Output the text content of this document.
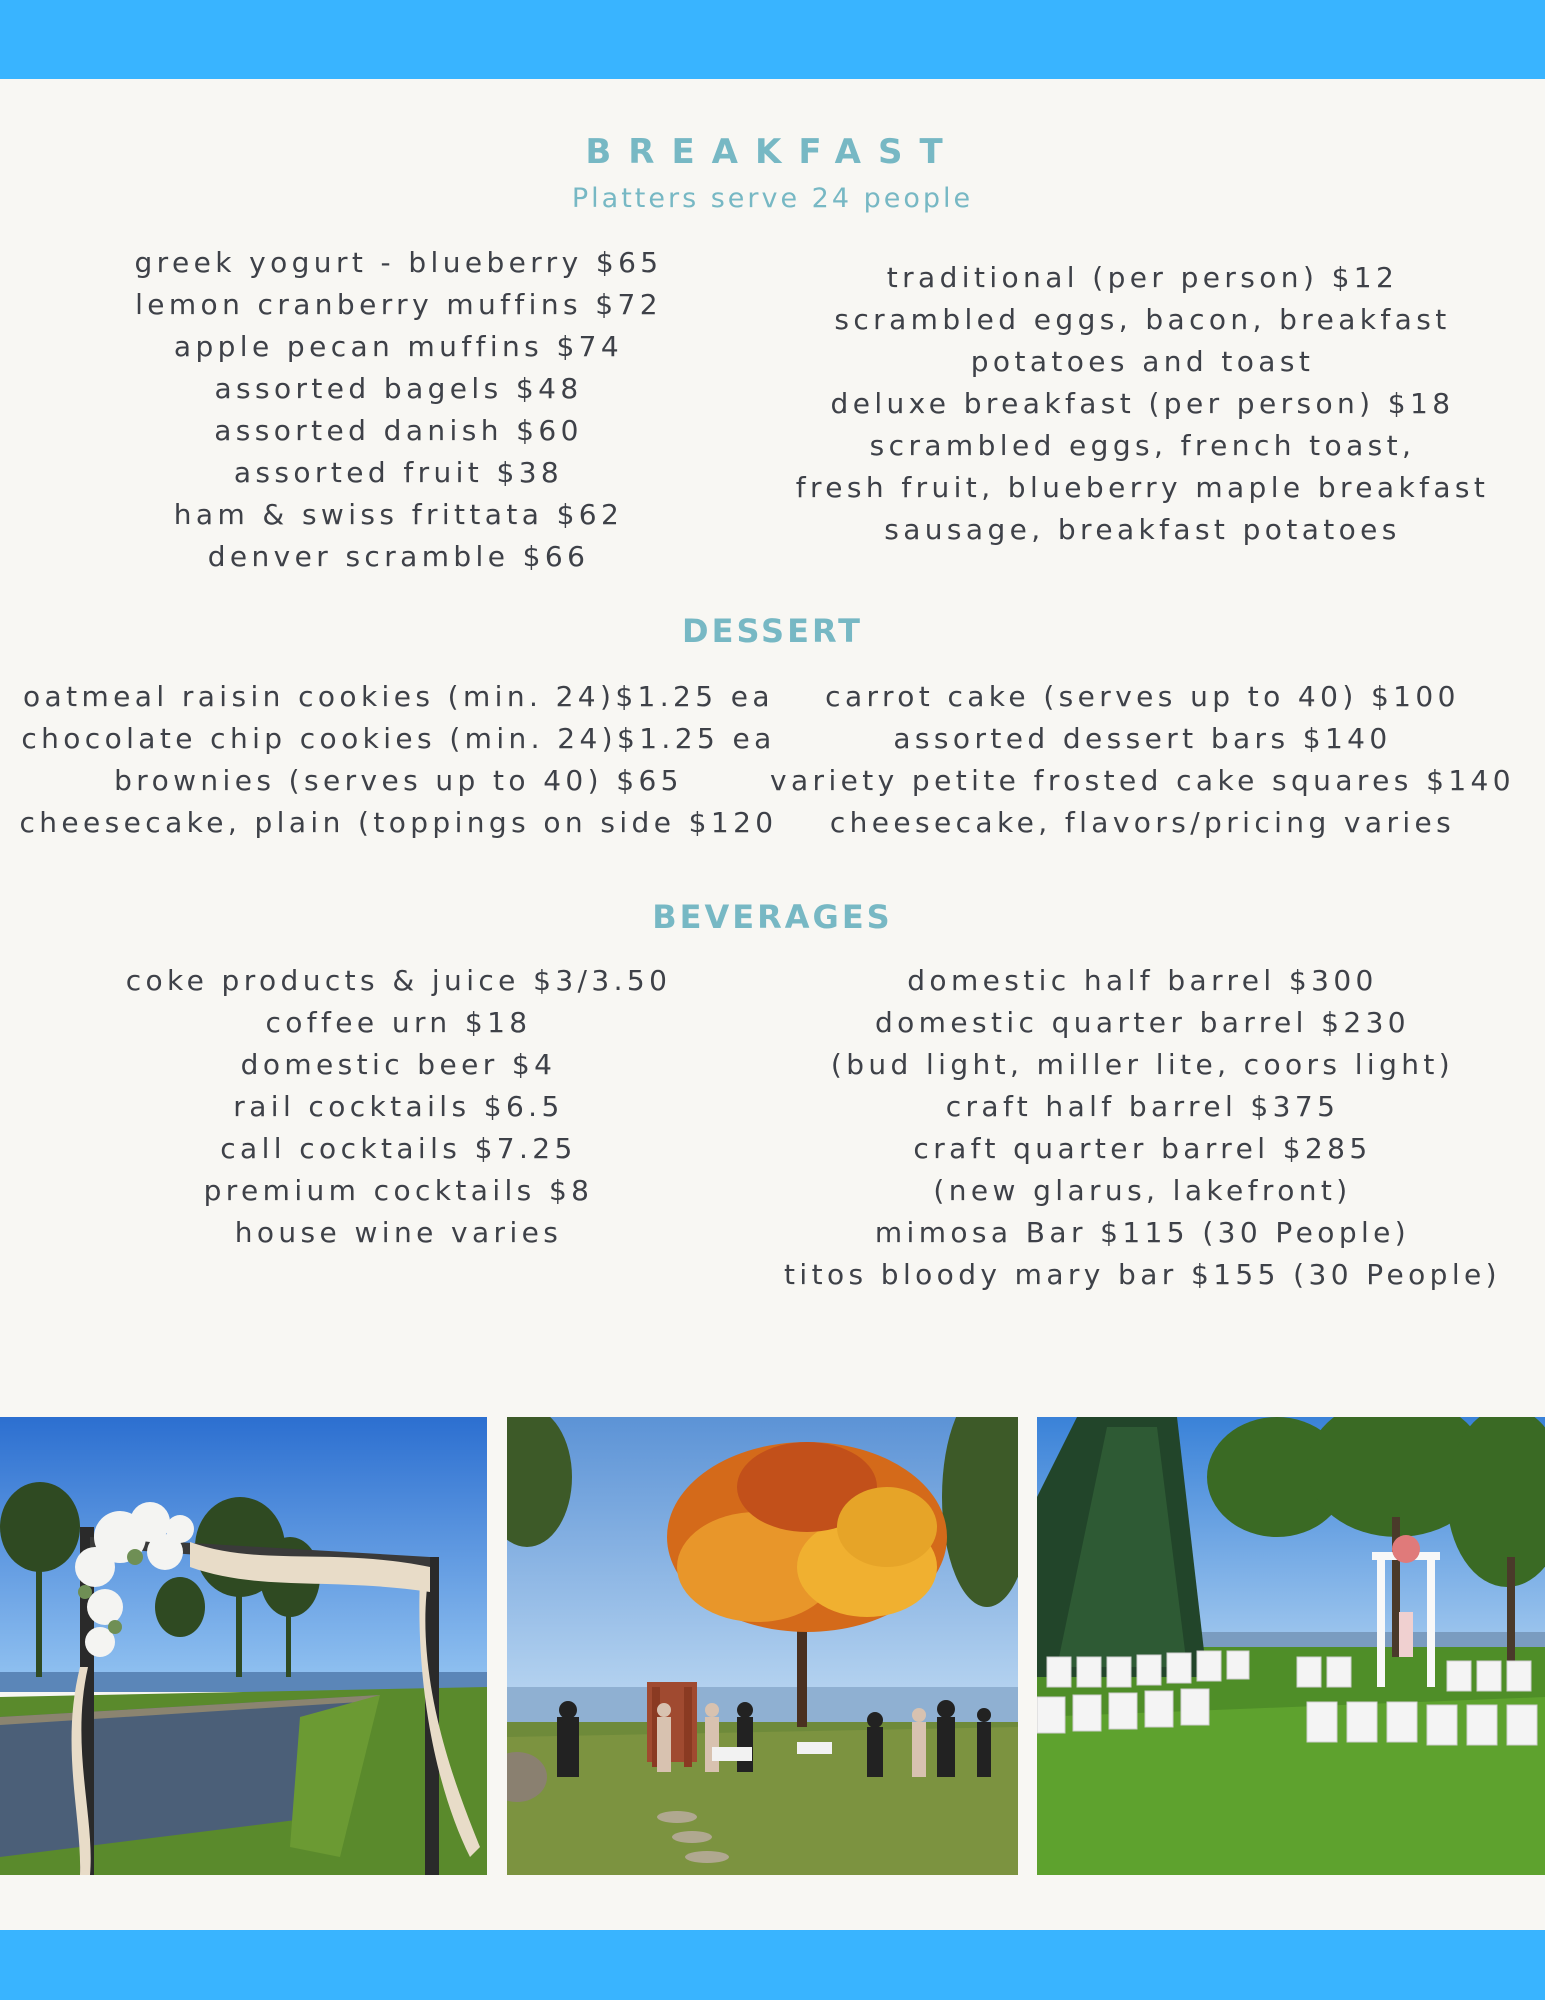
BREAKFAST
Platters serve 24 people
greek yogurt - blueberry $65
lemon cranberry muffins $72
apple pecan muffins $74
assorted bagels $48
assorted danish $60
assorted fruit $38
ham & swiss frittata $62
denver scramble $66
traditional (per person) $12
scrambled eggs, bacon, breakfast
potatoes and toast
deluxe breakfast (per person) $18
scrambled eggs, french toast,
fresh fruit, blueberry maple breakfast
sausage, breakfast potatoes
DESSERT
oatmeal raisin cookies (min. 24)$1.25 ea
chocolate chip cookies (min. 24)$1.25 ea
brownies (serves up to 40) $65
cheesecake, plain (toppings on side $120
carrot cake (serves up to 40) $100
assorted dessert bars $140
variety petite frosted cake squares $140
cheesecake, flavors/pricing varies
BEVERAGES
coke products & juice $3/3.50
coffee urn $18
domestic beer $4
rail cocktails $6.5
call cocktails $7.25
premium cocktails $8
house wine varies
domestic half barrel $300
domestic quarter barrel $230
(bud light, miller lite, coors light)
craft half barrel $375
craft quarter barrel $285
(new glarus, lakefront)
mimosa Bar $115 (30 People)
titos bloody mary bar $155 (30 People)
